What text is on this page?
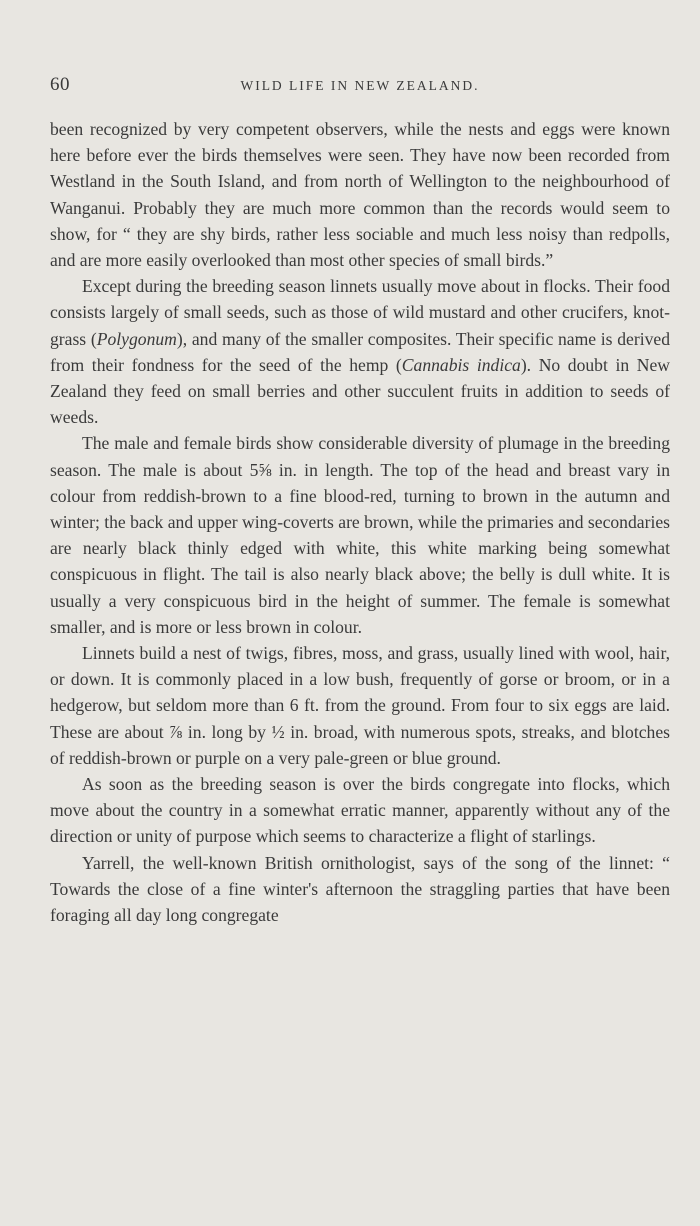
60	WILD LIFE IN NEW ZEALAND.

been recognized by very competent observers, while the nests and eggs were known here before ever the birds themselves were seen. They have now been recorded from Westland in the South Island, and from north of Wellington to the neighbourhood of Wanganui. Probably they are much more common than the records would seem to show, for “ they are shy birds, rather less sociable and much less noisy than redpolls, and are more easily overlooked than most other species of small birds.”

Except during the breeding season linnets usually move about in flocks. Their food consists largely of small seeds, such as those of wild mustard and other crucifers, knot-grass (Polygonum), and many of the smaller composites. Their specific name is derived from their fondness for the seed of the hemp (Cannabis indica). No doubt in New Zealand they feed on small berries and other succulent fruits in addition to seeds of weeds.

The male and female birds show considerable diversity of plumage in the breeding season. The male is about 5⅝ in. in length. The top of the head and breast vary in colour from reddish-brown to a fine blood-red, turning to brown in the autumn and winter; the back and upper wing-coverts are brown, while the primaries and secondaries are nearly black thinly edged with white, this white marking being somewhat conspicuous in flight. The tail is also nearly black above; the belly is dull white. It is usually a very conspicuous bird in the height of summer. The female is somewhat smaller, and is more or less brown in colour.

Linnets build a nest of twigs, fibres, moss, and grass, usually lined with wool, hair, or down. It is commonly placed in a low bush, frequently of gorse or broom, or in a hedgerow, but seldom more than 6 ft. from the ground. From four to six eggs are laid. These are about ⅞ in. long by ½ in. broad, with numerous spots, streaks, and blotches of reddish-brown or purple on a very pale-green or blue ground.

As soon as the breeding season is over the birds congregate into flocks, which move about the country in a somewhat erratic manner, apparently without any of the direction or unity of purpose which seems to characterize a flight of starlings.

Yarrell, the well-known British ornithologist, says of the song of the linnet: “ Towards the close of a fine winter's afternoon the straggling parties that have been foraging all day long congregate
